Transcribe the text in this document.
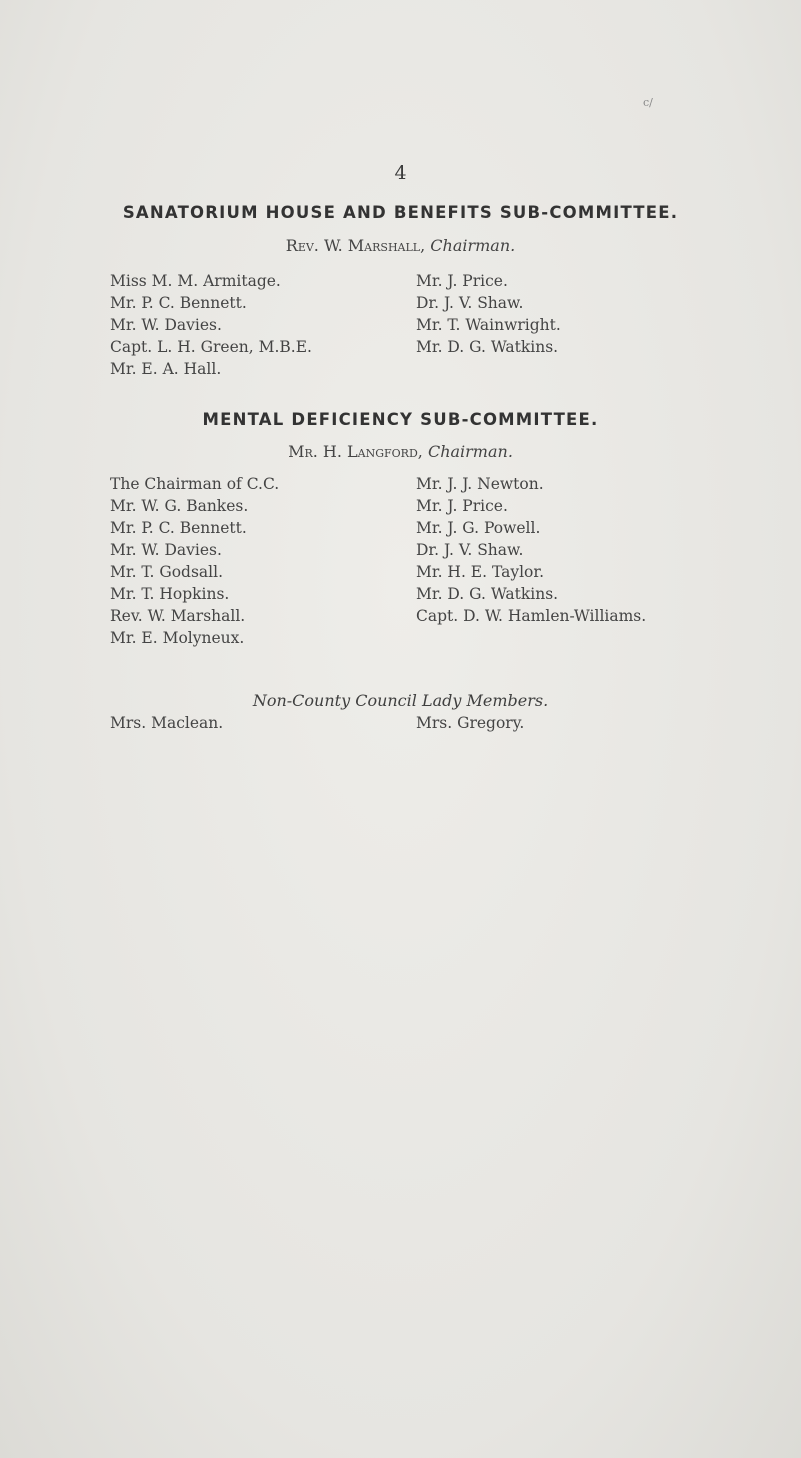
c/
4
SANATORIUM HOUSE AND BENEFITS SUB-COMMITTEE.
Rev. W. Marshall, Chairman.
Miss M. M. Armitage.
Mr. P. C. Bennett.
Mr. W. Davies.
Capt. L. H. Green, M.B.E.
Mr. E. A. Hall.
Mr. J. Price.
Dr. J. V. Shaw.
Mr. T. Wainwright.
Mr. D. G. Watkins.
MENTAL DEFICIENCY SUB-COMMITTEE.
Mr. H. Langford, Chairman.
The Chairman of C.C.
Mr. W. G. Bankes.
Mr. P. C. Bennett.
Mr. W. Davies.
Mr. T. Godsall.
Mr. T. Hopkins.
Rev. W. Marshall.
Mr. E. Molyneux.
Mr. J. J. Newton.
Mr. J. Price.
Mr. J. G. Powell.
Dr. J. V. Shaw.
Mr. H. E. Taylor.
Mr. D. G. Watkins.
Capt. D. W. Hamlen-Williams.
Non-County Council Lady Members.
Mrs. Maclean.	Mrs. Gregory.
